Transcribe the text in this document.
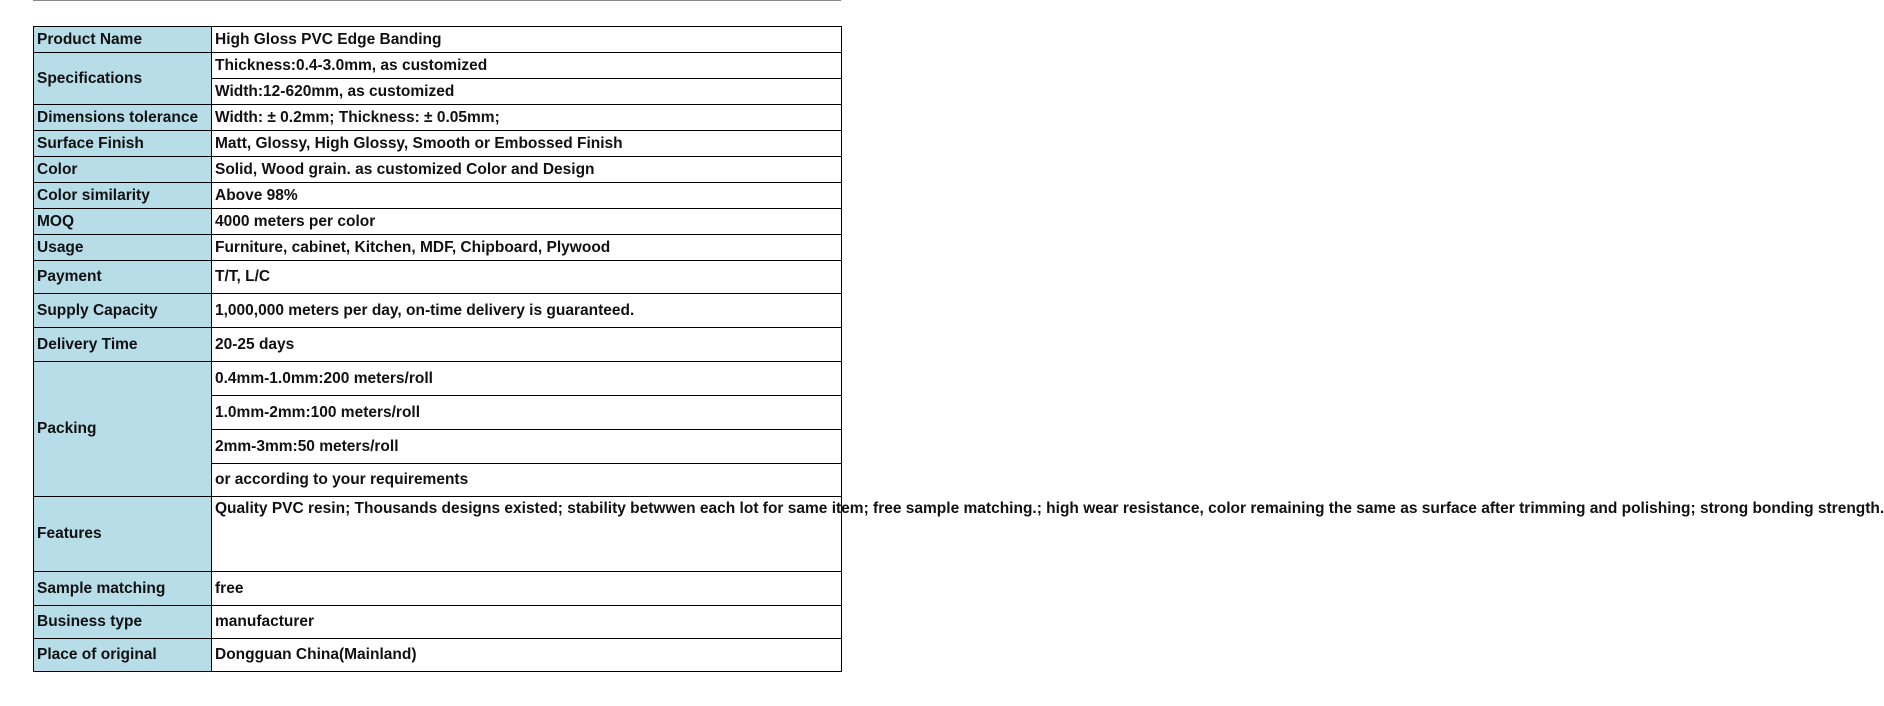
Product Name	High Gloss PVC Edge Banding
Specifications	Thickness:0.4-3.0mm, as customized
	Width:12-620mm, as customized
Dimensions tolerance	Width: ± 0.2mm; Thickness: ± 0.05mm;
Surface Finish	Matt, Glossy, High Glossy, Smooth or Embossed Finish
Color	Solid, Wood grain. as customized Color and Design
Color similarity	Above 98%
MOQ	4000 meters per color
Usage	Furniture, cabinet, Kitchen, MDF, Chipboard, Plywood
Payment	T/T, L/C
Supply Capacity	1,000,000 meters per day, on-time delivery is guaranteed.
Delivery Time	20-25 days
Packing	0.4mm-1.0mm:200 meters/roll
	1.0mm-2mm:100 meters/roll
	2mm-3mm:50 meters/roll
	or according to your requirements
Features	Quality PVC resin; Thousands designs existed; stability betwwen each lot for same item; free sample matching.; high wear resistance, color remaining the same as surface after trimming and polishing; strong bonding strength.
Sample matching	free
Business type	manufacturer
Place of original	Dongguan China(Mainland)
